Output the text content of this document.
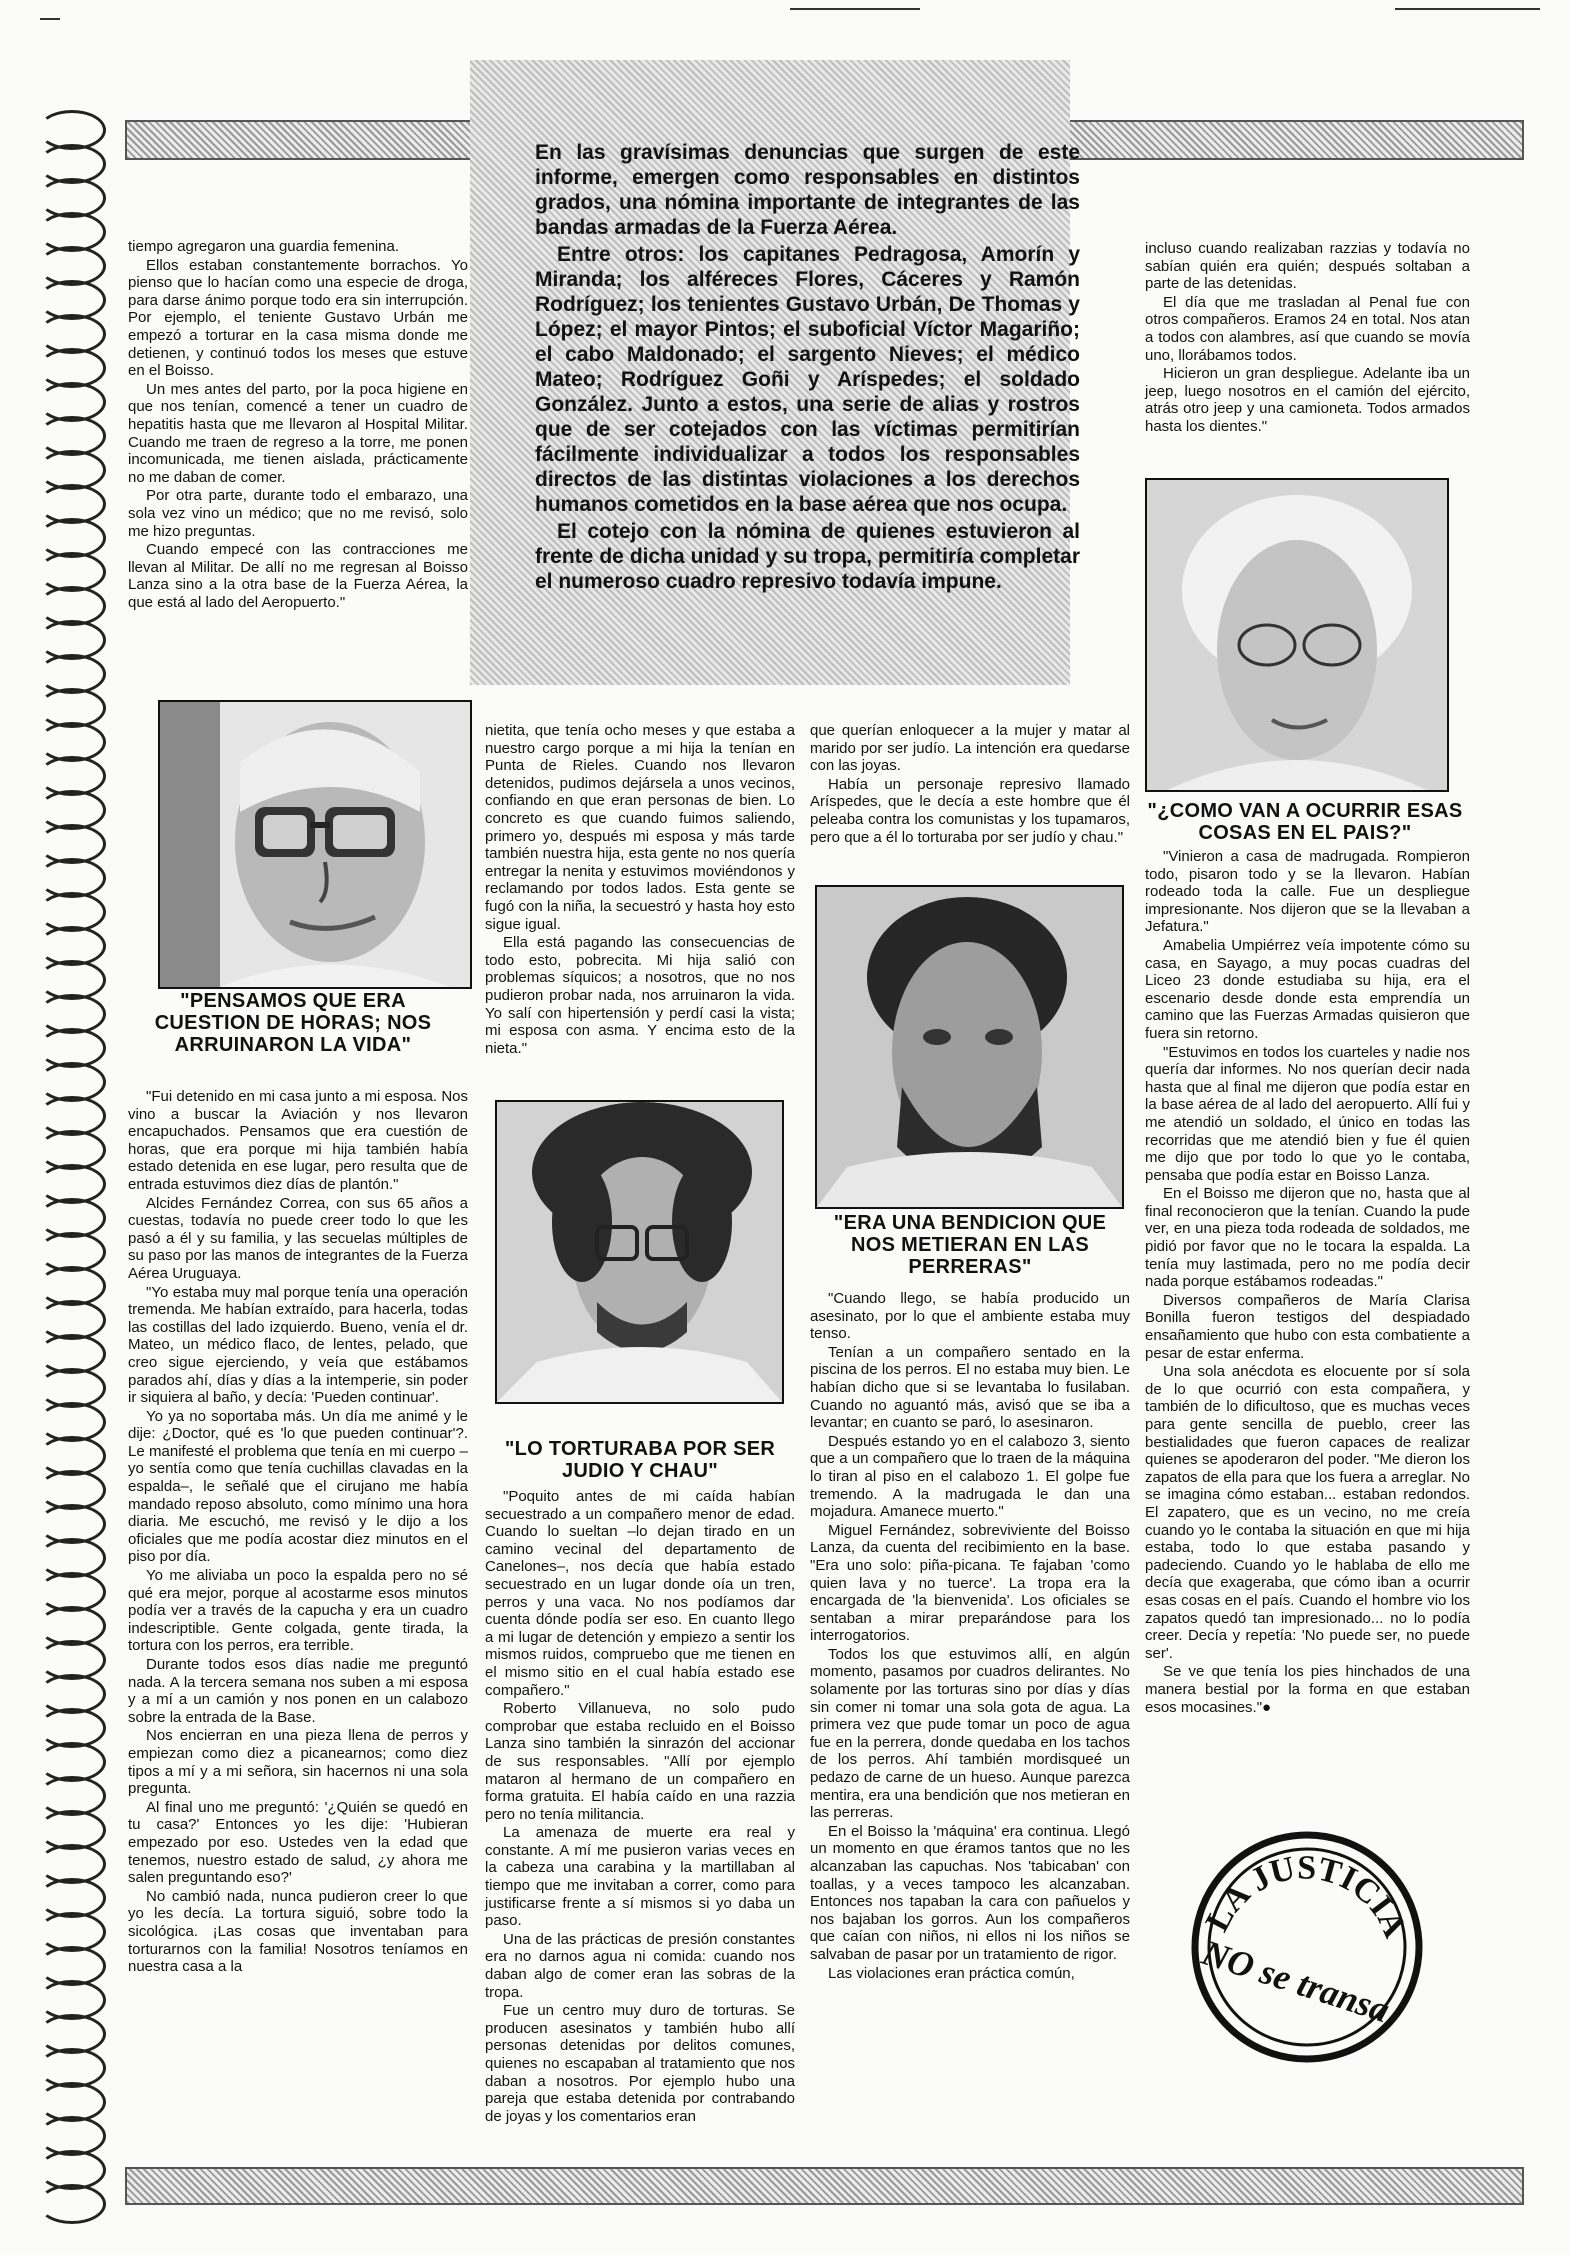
En las gravísimas denuncias que surgen de este informe, emergen como responsables en distintos grados, una nómina importante de integrantes de las bandas armadas de la Fuerza Aérea.

Entre otros: los capitanes Pedragosa, Amorín y Miranda; los alféreces Flores, Cáceres y Ramón Rodríguez; los tenientes Gustavo Urbán, De Thomas y López; el mayor Pintos; el suboficial Víctor Magariño; el cabo Maldonado; el sargento Nieves; el médico Mateo; Rodríguez Goñi y Aríspedes; el soldado González. Junto a estos, una serie de alias y rostros que de ser cotejados con las víctimas permitirían fácilmente individualizar a todos los responsables directos de las distintas violaciones a los derechos humanos cometidos en la base aérea que nos ocupa.

El cotejo con la nómina de quienes estuvieron al frente de dicha unidad y su tropa, permitiría completar el numeroso cuadro represivo todavía impune.

tiempo agregaron una guardia femenina.

Ellos estaban constantemente borrachos. Yo pienso que lo hacían como una especie de droga, para darse ánimo porque todo era sin interrupción. Por ejemplo, el teniente Gustavo Urbán me empezó a torturar en la casa misma donde me detienen, y continuó todos los meses que estuve en el Boisso.

Un mes antes del parto, por la poca higiene en que nos tenían, comencé a tener un cuadro de hepatitis hasta que me llevaron al Hospital Militar. Cuando me traen de regreso a la torre, me ponen incomunicada, me tienen aislada, prácticamente no me daban de comer.

Por otra parte, durante todo el embarazo, una sola vez vino un médico; que no me revisó, solo me hizo preguntas.

Cuando empecé con las contracciones me llevan al Militar. De allí no me regresan al Boisso Lanza sino a la otra base de la Fuerza Aérea, la que está al lado del Aeropuerto."

"PENSAMOS QUE ERA CUESTION DE HORAS; NOS ARRUINARON LA VIDA"

"Fui detenido en mi casa junto a mi esposa. Nos vino a buscar la Aviación y nos llevaron encapuchados. Pensamos que era cuestión de horas, que era porque mi hija también había estado detenida en ese lugar, pero resulta que de entrada estuvimos diez días de plantón."

Alcides Fernández Correa, con sus 65 años a cuestas, todavía no puede creer todo lo que les pasó a él y su familia, y las secuelas múltiples de su paso por las manos de integrantes de la Fuerza Aérea Uruguaya.

"Yo estaba muy mal porque tenía una operación tremenda. Me habían extraído, para hacerla, todas las costillas del lado izquierdo. Bueno, venía el dr. Mateo, un médico flaco, de lentes, pelado, que creo sigue ejerciendo, y veía que estábamos parados ahí, días y días a la intemperie, sin poder ir siquiera al baño, y decía: 'Pueden continuar'.

Yo ya no soportaba más. Un día me animé y le dije: ¿Doctor, qué es 'lo que pueden continuar'?. Le manifesté el problema que tenía en mi cuerpo –yo sentía como que tenía cuchillas clavadas en la espalda–, le señalé que el cirujano me había mandado reposo absoluto, como mínimo una hora diaria. Me escuchó, me revisó y le dijo a los oficiales que me podía acostar diez minutos en el piso por día.

Yo me aliviaba un poco la espalda pero no sé qué era mejor, porque al acostarme esos minutos podía ver a través de la capucha y era un cuadro indescriptible. Gente colgada, gente tirada, la tortura con los perros, era terrible.

Durante todos esos días nadie me preguntó nada. A la tercera semana nos suben a mi esposa y a mí a un camión y nos ponen en un calabozo sobre la entrada de la Base.

Nos encierran en una pieza llena de perros y empiezan como diez a picanearnos; como diez tipos a mí y a mi señora, sin hacernos ni una sola pregunta.

Al final uno me preguntó: '¿Quién se quedó en tu casa?' Entonces yo les dije: 'Hubieran empezado por eso. Ustedes ven la edad que tenemos, nuestro estado de salud, ¿y ahora me salen preguntando eso?'

No cambió nada, nunca pudieron creer lo que yo les decía. La tortura siguió, sobre todo la sicológica. ¡Las cosas que inventaban para torturarnos con la familia! Nosotros teníamos en nuestra casa a la

nietita, que tenía ocho meses y que estaba a nuestro cargo porque a mi hija la tenían en Punta de Rieles. Cuando nos llevaron detenidos, pudimos dejársela a unos vecinos, confiando en que eran personas de bien. Lo concreto es que cuando fuimos saliendo, primero yo, después mi esposa y más tarde también nuestra hija, esta gente no nos quería entregar la nenita y estuvimos moviéndonos y reclamando por todos lados. Esta gente se fugó con la niña, la secuestró y hasta hoy esto sigue igual.

Ella está pagando las consecuencias de todo esto, pobrecita. Mi hija salió con problemas síquicos; a nosotros, que no nos pudieron probar nada, nos arruinaron la vida. Yo salí con hipertensión y perdí casi la vista; mi esposa con asma. Y encima esto de la nieta."

"LO TORTURABA POR SER JUDIO Y CHAU"

"Poquito antes de mi caída habían secuestrado a un compañero menor de edad. Cuando lo sueltan –lo dejan tirado en un camino vecinal del departamento de Canelones–, nos decía que había estado secuestrado en un lugar donde oía un tren, perros y una vaca. No nos podíamos dar cuenta dónde podía ser eso. En cuanto llego a mi lugar de detención y empiezo a sentir los mismos ruidos, compruebo que me tienen en el mismo sitio en el cual había estado ese compañero."

Roberto Villanueva, no solo pudo comprobar que estaba recluido en el Boisso Lanza sino también la sinrazón del accionar de sus responsables. "Allí por ejemplo mataron al hermano de un compañero en forma gratuita. El había caído en una razzia pero no tenía militancia.

La amenaza de muerte era real y constante. A mí me pusieron varias veces en la cabeza una carabina y la martillaban al tiempo que me invitaban a correr, como para justificarse frente a sí mismos si yo daba un paso.

Una de las prácticas de presión constantes era no darnos agua ni comida: cuando nos daban algo de comer eran las sobras de la tropa.

Fue un centro muy duro de torturas. Se producen asesinatos y también hubo allí personas detenidas por delitos comunes, quienes no escapaban al tratamiento que nos daban a nosotros. Por ejemplo hubo una pareja que estaba detenida por contrabando de joyas y los comentarios eran

que querían enloquecer a la mujer y matar al marido por ser judío. La intención era quedarse con las joyas.

Había un personaje represivo llamado Aríspedes, que le decía a este hombre que él peleaba contra los comunistas y los tupamaros, pero que a él lo torturaba por ser judío y chau."

"ERA UNA BENDICION QUE NOS METIERAN EN LAS PERRERAS"

"Cuando llego, se había producido un asesinato, por lo que el ambiente estaba muy tenso.

Tenían a un compañero sentado en la piscina de los perros. El no estaba muy bien. Le habían dicho que si se levantaba lo fusilaban. Cuando no aguantó más, avisó que se iba a levantar; en cuanto se paró, lo asesinaron.

Después estando yo en el calabozo 3, siento que a un compañero que lo traen de la máquina lo tiran al piso en el calabozo 1. El golpe fue tremendo. A la madrugada le dan una mojadura. Amanece muerto."

Miguel Fernández, sobreviviente del Boisso Lanza, da cuenta del recibimiento en la base. "Era uno solo: piña-picana. Te fajaban 'como quien lava y no tuerce'. La tropa era la encargada de 'la bienvenida'. Los oficiales se sentaban a mirar preparándose para los interrogatorios.

Todos los que estuvimos allí, en algún momento, pasamos por cuadros delirantes. No solamente por las torturas sino por días y días sin comer ni tomar una sola gota de agua. La primera vez que pude tomar un poco de agua fue en la perrera, donde quedaba en los tachos de los perros. Ahí también mordisqueé un pedazo de carne de un hueso. Aunque parezca mentira, era una bendición que nos metieran en las perreras.

En el Boisso la 'máquina' era continua. Llegó un momento en que éramos tantos que no les alcanzaban las capuchas. Nos 'tabicaban' con toallas, y a veces tampoco les alcanzaban. Entonces nos tapaban la cara con pañuelos y nos bajaban los gorros. Aun los compañeros que caían con niños, ni ellos ni los niños se salvaban de pasar por un tratamiento de rigor.

Las violaciones eran práctica común,

incluso cuando realizaban razzias y todavía no sabían quién era quién; después soltaban a parte de las detenidas.

El día que me trasladan al Penal fue con otros compañeros. Eramos 24 en total. Nos atan a todos con alambres, así que cuando se movía uno, llorábamos todos.

Hicieron un gran despliegue. Adelante iba un jeep, luego nosotros en el camión del ejército, atrás otro jeep y una camioneta. Todos armados hasta los dientes."

"¿COMO VAN A OCURRIR ESAS COSAS EN EL PAIS?"

"Vinieron a casa de madrugada. Rompieron todo, pisaron todo y se la llevaron. Habían rodeado toda la calle. Fue un despliegue impresionante. Nos dijeron que se la llevaban a Jefatura."

Amabelia Umpiérrez veía impotente cómo su casa, en Sayago, a muy pocas cuadras del Liceo 23 donde estudiaba su hija, era el escenario desde donde esta emprendía un camino que las Fuerzas Armadas quisieron que fuera sin retorno.

"Estuvimos en todos los cuarteles y nadie nos quería dar informes. No nos querían decir nada hasta que al final me dijeron que podía estar en la base aérea de al lado del aeropuerto. Allí fui y me atendió un soldado, el único en todas las recorridas que me atendió bien y fue él quien me dijo que por todo lo que yo le contaba, pensaba que podía estar en Boisso Lanza.

En el Boisso me dijeron que no, hasta que al final reconocieron que la tenían. Cuando la pude ver, en una pieza toda rodeada de soldados, me pidió por favor que no le tocara la espalda. La tenía muy lastimada, pero no me podía decir nada porque estábamos rodeadas."

Diversos compañeros de María Clarisa Bonilla fueron testigos del despiadado ensañamiento que hubo con esta combatiente a pesar de estar enferma.

Una sola anécdota es elocuente por sí sola de lo que ocurrió con esta compañera, y también de lo dificultoso, que es muchas veces para gente sencilla de pueblo, creer las bestialidades que fueron capaces de realizar quienes se apoderaron del poder. "Me dieron los zapatos de ella para que los fuera a arreglar. No se imagina cómo estaban... estaban redondos. El zapatero, que es un vecino, no me creía cuando yo le contaba la situación en que mi hija estaba, todo lo que estaba pasando y padeciendo. Cuando yo le hablaba de ello me decía que exageraba, que cómo iban a ocurrir esas cosas en el país. Cuando el hombre vio los zapatos quedó tan impresionado... no lo podía creer. Decía y repetía: 'No puede ser, no puede ser'.

Se ve que tenía los pies hinchados de una manera bestial por la forma en que estaban esos mocasines."●

LA JUSTICIA
NO se transa
